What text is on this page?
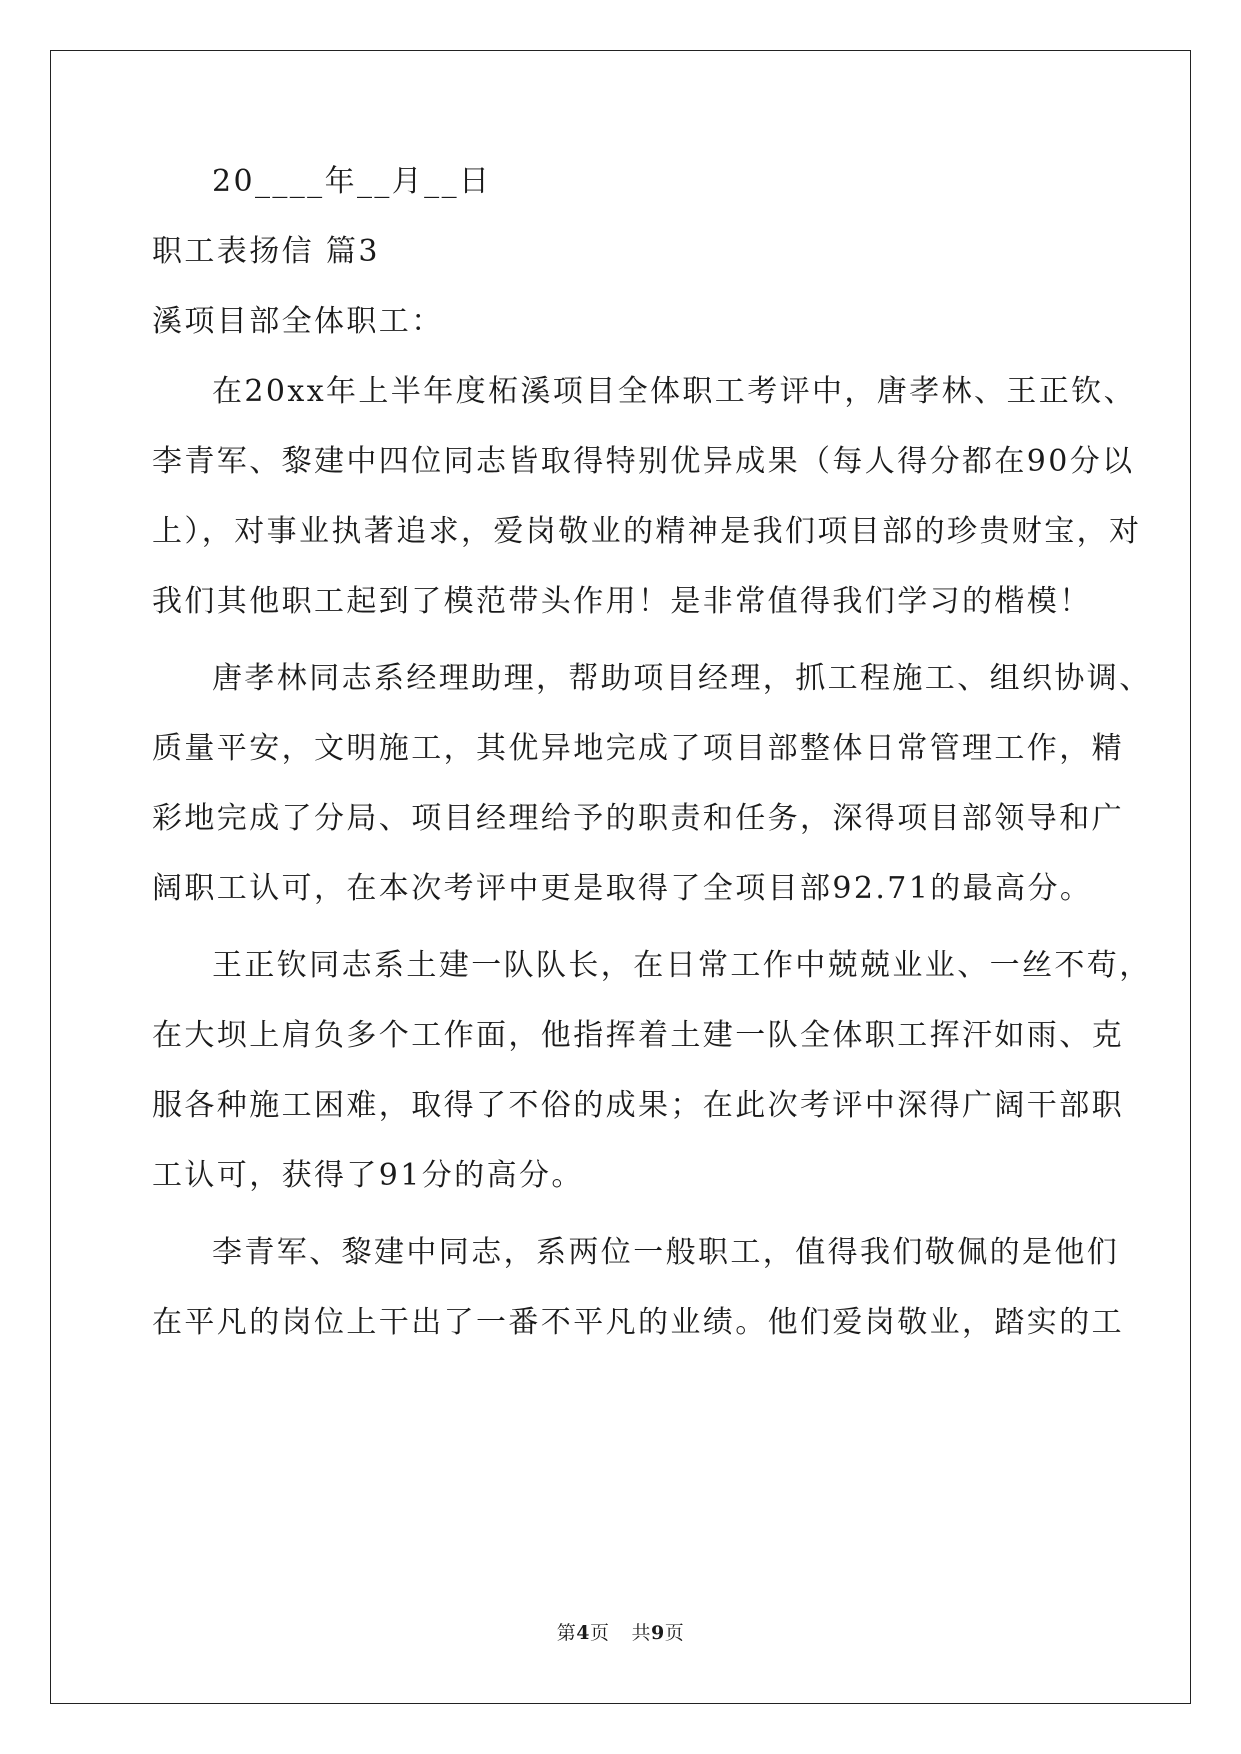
20____年__月__日
职工表扬信 篇3
溪项目部全体职工：
在20xx年上半年度柘溪项目全体职工考评中，唐孝林、王正钦、
李青军、黎建中四位同志皆取得特别优异成果（每人得分都在90分以
上），对事业执著追求，爱岗敬业的精神是我们项目部的珍贵财宝，对
我们其他职工起到了模范带头作用！是非常值得我们学习的楷模！
唐孝林同志系经理助理，帮助项目经理，抓工程施工、组织协调、
质量平安，文明施工，其优异地完成了项目部整体日常管理工作，精
彩地完成了分局、项目经理给予的职责和任务，深得项目部领导和广
阔职工认可，在本次考评中更是取得了全项目部92.71的最高分。
王正钦同志系土建一队队长，在日常工作中兢兢业业、一丝不苟，
在大坝上肩负多个工作面，他指挥着土建一队全体职工挥汗如雨、克
服各种施工困难，取得了不俗的成果；在此次考评中深得广阔干部职
工认可，获得了91分的高分。
李青军、黎建中同志，系两位一般职工，值得我们敬佩的是他们
在平凡的岗位上干出了一番不平凡的业绩。他们爱岗敬业，踏实的工
第4页 共9页
